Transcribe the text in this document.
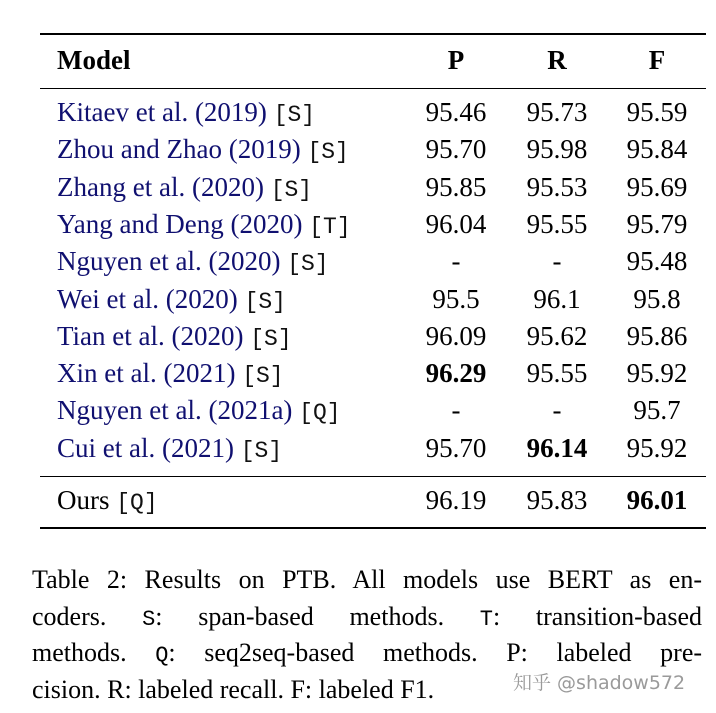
Model	P	R	F
Kitaev et al. (2019) [S]	95.46	95.73	95.59
Zhou and Zhao (2019) [S]	95.70	95.98	95.84
Zhang et al. (2020) [S]	95.85	95.53	95.69
Yang and Deng (2020) [T]	96.04	95.55	95.79
Nguyen et al. (2020) [S]	-	-	95.48
Wei et al. (2020) [S]	95.5	96.1	95.8
Tian et al. (2020) [S]	96.09	95.62	95.86
Xin et al. (2021) [S]	96.29	95.55	95.92
Nguyen et al. (2021a) [Q]	-	-	95.7
Cui et al. (2021) [S]	95.70	96.14	95.92
Ours [Q]	96.19	95.83	96.01
Table 2: Results on PTB. All models use BERT as en-
coders. S: span-based methods. T: transition-based
methods. Q: seq2seq-based methods. P: labeled pre-
cision. R: labeled recall. F: labeled F1.	知乎 @shadow572
